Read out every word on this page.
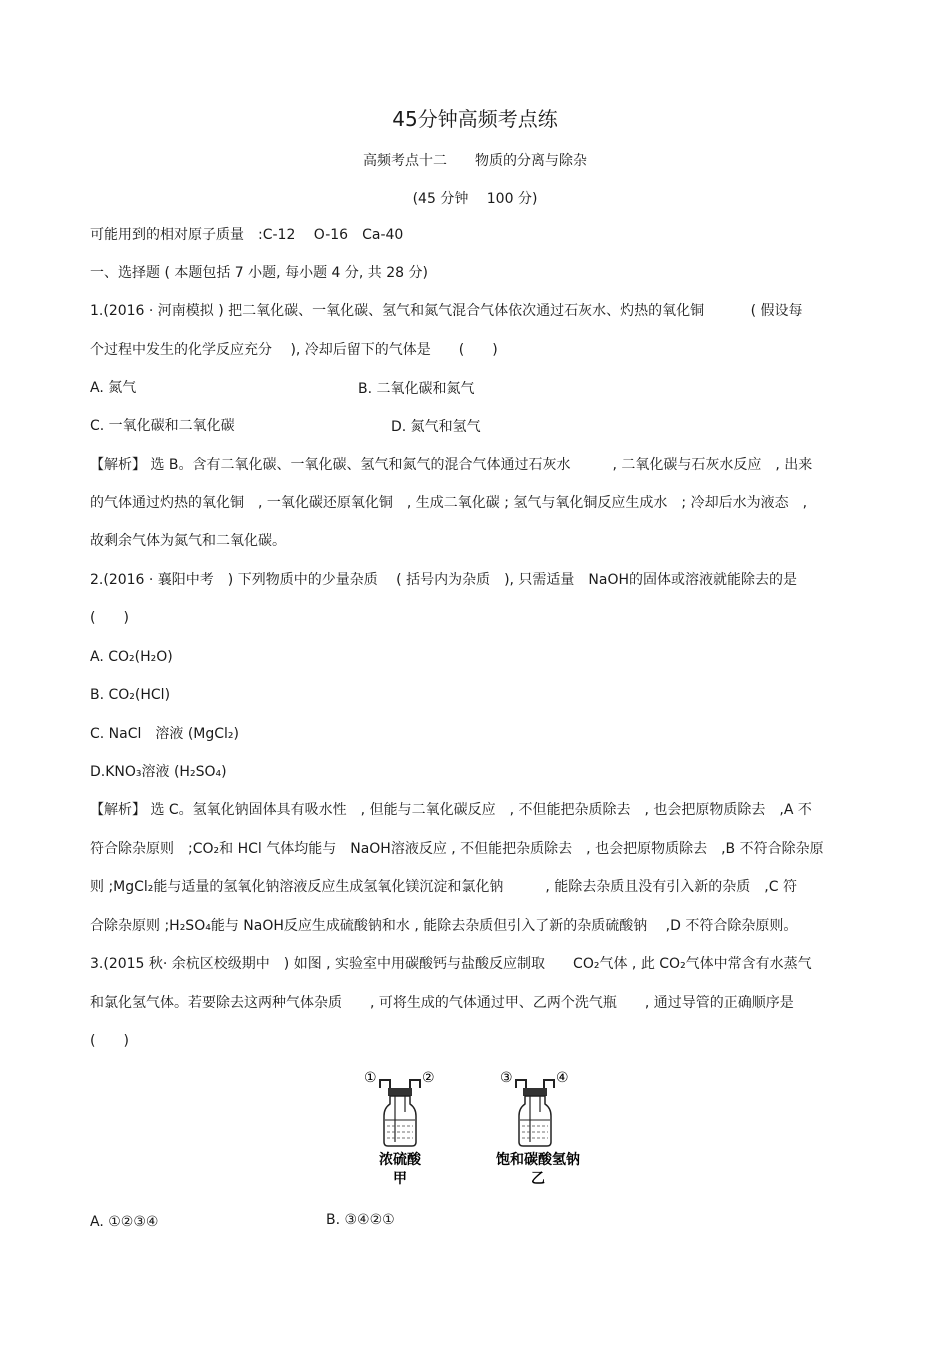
45分钟高频考点练
高频考点十二　　物质的分离与除杂
(45 分钟　 100 分)
可能用到的相对原子质量　:C-12　 O-16　Ca-40
一、选择题 ( 本题包括 7 小题, 每小题 4 分, 共 28 分)
1.(2016 · 河南模拟 ) 把二氧化碳、一氧化碳、氢气和氮气混合气体依次通过石灰水、灼热的氧化铜　　　 ( 假设每
个过程中发生的化学反应充分　 ), 冷却后留下的气体是　　(　　)
A. 氮气	B. 二氧化碳和氮气
C. 一氧化碳和二氧化碳	D. 氮气和氢气
【解析】 选 B。含有二氧化碳、一氧化碳、氢气和氮气的混合气体通过石灰水　　　, 二氧化碳与石灰水反应　, 出来
的气体通过灼热的氧化铜　, 一氧化碳还原氧化铜　, 生成二氧化碳 ; 氢气与氧化铜反应生成水　; 冷却后水为液态　,
故剩余气体为氮气和二氧化碳。
2.(2016 · 襄阳中考　) 下列物质中的少量杂质　 ( 括号内为杂质　), 只需适量　NaOH的固体或溶液就能除去的是
(　　)
A. CO₂(H₂O)
B. CO₂(HCl)
C. NaCl　溶液 (MgCl₂)
D.KNO₃溶液 (H₂SO₄)
【解析】 选 C。氢氧化钠固体具有吸水性　, 但能与二氧化碳反应　, 不但能把杂质除去　, 也会把原物质除去　,A 不
符合除杂原则　;CO₂和 HCl 气体均能与　NaOH溶液反应 , 不但能把杂质除去　, 也会把原物质除去　,B 不符合除杂原
则 ;MgCl₂能与适量的氢氧化钠溶液反应生成氢氧化镁沉淀和氯化钠　　　, 能除去杂质且没有引入新的杂质　,C 符
合除杂原则 ;H₂SO₄能与 NaOH反应生成硫酸钠和水 , 能除去杂质但引入了新的杂质硫酸钠　 ,D 不符合除杂原则。
3.(2015 秋· 余杭区校级期中　) 如图 , 实验室中用碳酸钙与盐酸反应制取　　CO₂气体 , 此 CO₂气体中常含有水蒸气
和氯化氢气体。若要除去这两种气体杂质　　, 可将生成的气体通过甲、乙两个洗气瓶　　, 通过导管的正确顺序是
(　　)
①	②
浓硫酸
甲
③	④
饱和碳酸氢钠
乙
A. ①②③④	B. ③④②①
